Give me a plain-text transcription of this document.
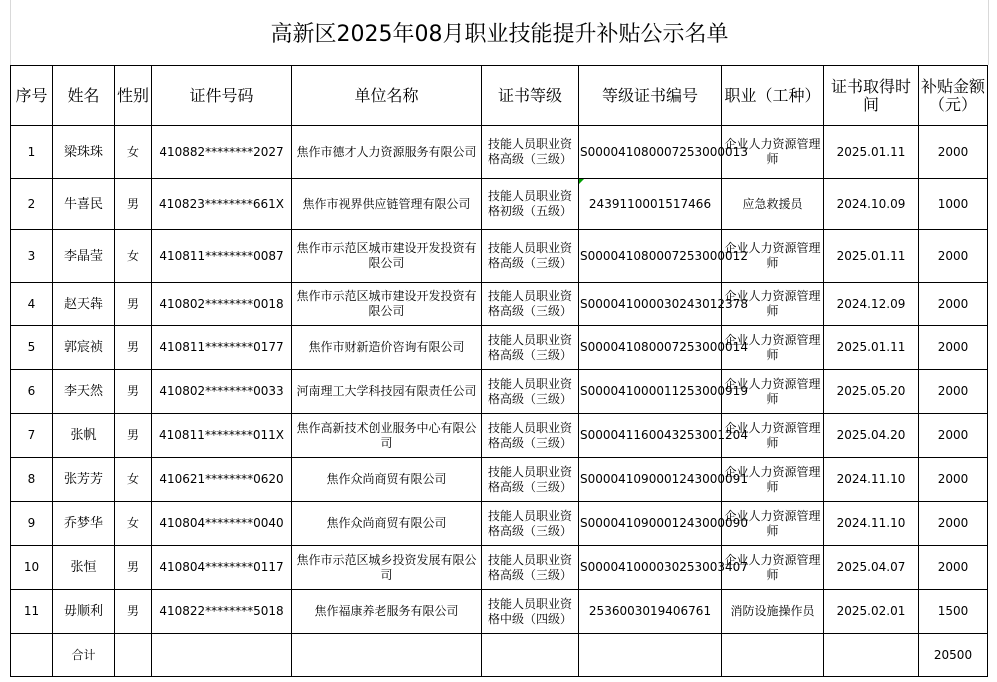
高新区2025年08月职业技能提升补贴公示名单
序号	姓名	性别	证件号码	单位名称	证书等级	等级证书编号	职业（工种）	证书取得时间	补贴金额（元）
1	梁珠珠	女	410882********2027	焦作市德才人力资源服务有限公司	技能人员职业资格高级（三级）	S000041080007253000013	企业人力资源管理师	2025.01.11	2000
2	牛喜民	男	410823********661X	焦作市视界供应链管理有限公司	技能人员职业资格初级（五级）	2439110001517466	应急救援员	2024.10.09	1000
3	李晶莹	女	410811********0087	焦作市示范区城市建设开发投资有限公司	技能人员职业资格高级（三级）	S000041080007253000012	企业人力资源管理师	2025.01.11	2000
4	赵天犇	男	410802********0018	焦作市示范区城市建设开发投资有限公司	技能人员职业资格高级（三级）	S000041000030243012378	企业人力资源管理师	2024.12.09	2000
5	郭宸祯	男	410811********0177	焦作市财新造价咨询有限公司	技能人员职业资格高级（三级）	S000041080007253000014	企业人力资源管理师	2025.01.11	2000
6	李天然	男	410802********0033	河南理工大学科技园有限责任公司	技能人员职业资格高级（三级）	S000041000011253000919	企业人力资源管理师	2025.05.20	2000
7	张帆	男	410811********011X	焦作高新技术创业服务中心有限公司	技能人员职业资格高级（三级）	S000041160043253001204	企业人力资源管理师	2025.04.20	2000
8	张芳芳	女	410621********0620	焦作众尚商贸有限公司	技能人员职业资格高级（三级）	S000041090001243000091	企业人力资源管理师	2024.11.10	2000
9	乔梦华	女	410804********0040	焦作众尚商贸有限公司	技能人员职业资格高级（三级）	S000041090001243000090	企业人力资源管理师	2024.11.10	2000
10	张恒	男	410804********0117	焦作市示范区城乡投资发展有限公司	技能人员职业资格高级（三级）	S000041000030253003407	企业人力资源管理师	2025.04.07	2000
11	毋顺利	男	410822********5018	焦作福康养老服务有限公司	技能人员职业资格中级（四级）	2536003019406761	消防设施操作员	2025.02.01	1500
	合计								20500
